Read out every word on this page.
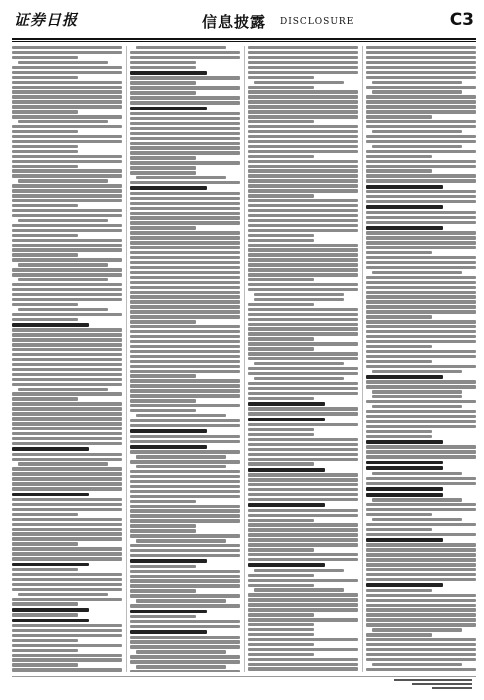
证券日报	信息披露 DISCLOSURE	C3
